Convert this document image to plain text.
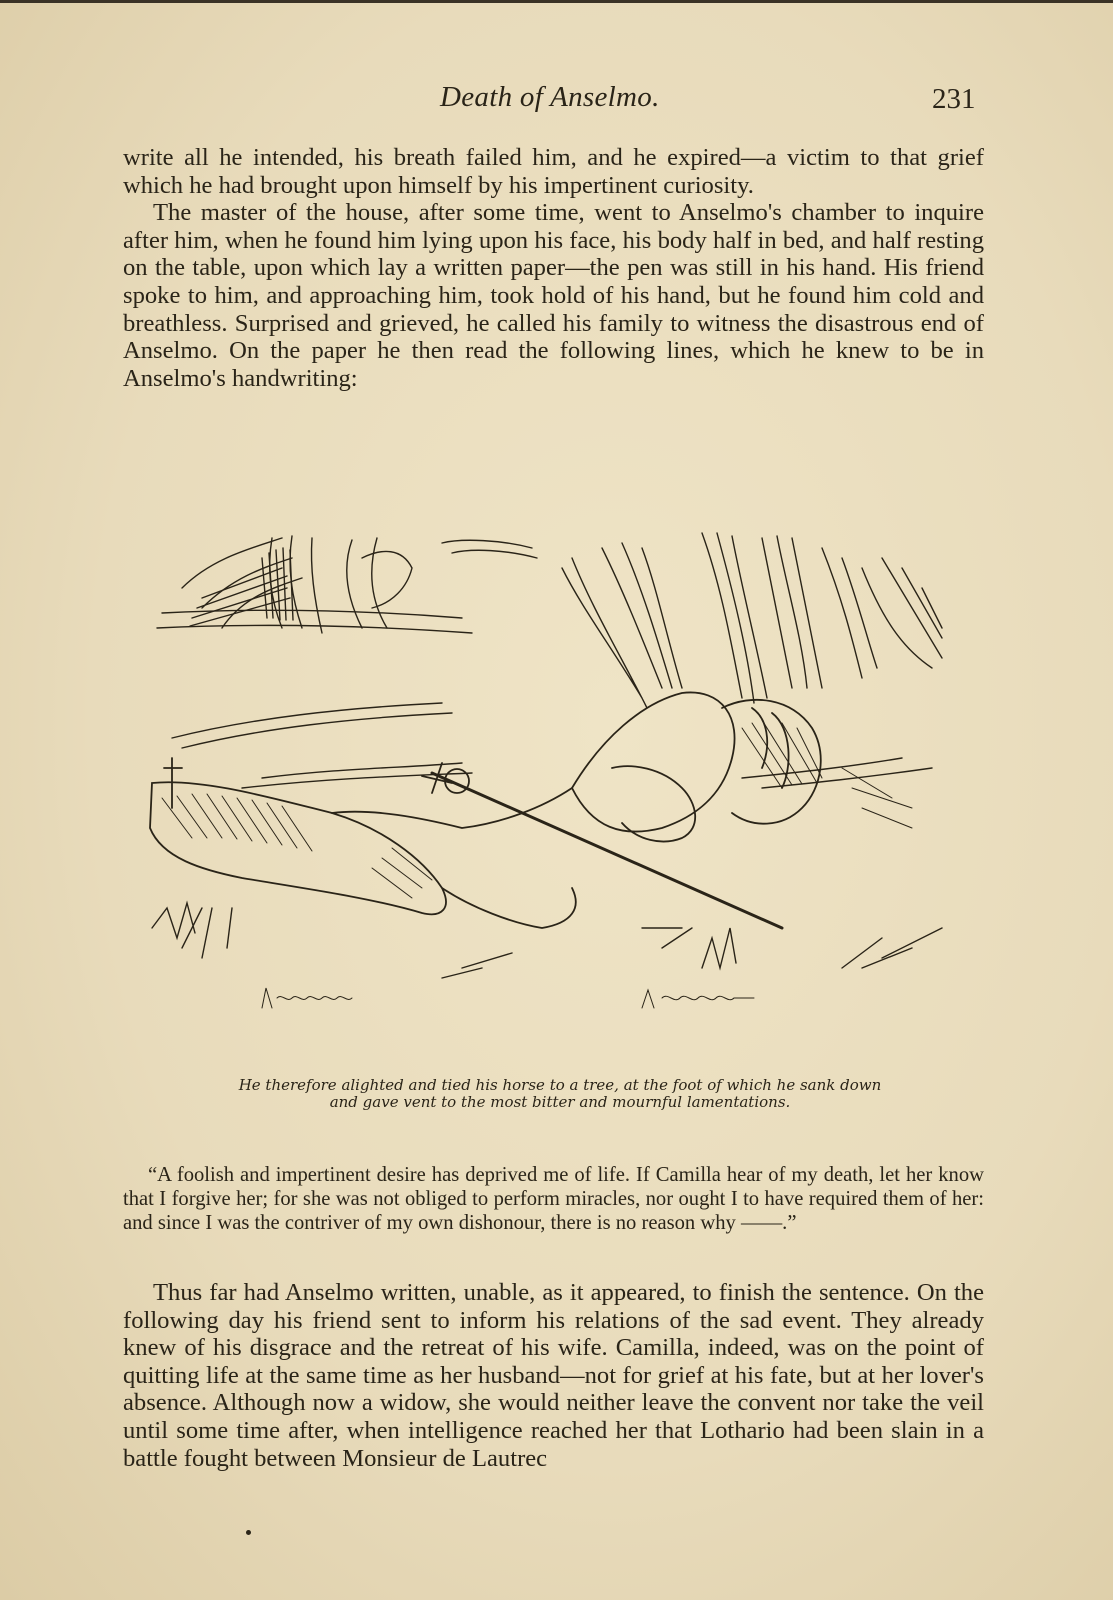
Death of Anselmo.	231

write all he intended, his breath failed him, and he expired—a victim to that grief which he had brought upon himself by his impertinent curiosity.

The master of the house, after some time, went to Anselmo's chamber to inquire after him, when he found him lying upon his face, his body half in bed, and half resting on the table, upon which lay a written paper—the pen was still in his hand. His friend spoke to him, and approaching him, took hold of his hand, but he found him cold and breathless. Surprised and grieved, he called his family to witness the disastrous end of Anselmo. On the paper he then read the following lines, which he knew to be in Anselmo's handwriting:

He therefore alighted and tied his horse to a tree, at the foot of which he sank down
and gave vent to the most bitter and mournful lamentations.

“A foolish and impertinent desire has deprived me of life. If Camilla hear of my death, let her know that I forgive her; for she was not obliged to perform miracles, nor ought I to have required them of her: and since I was the contriver of my own dishonour, there is no reason why ——.”

Thus far had Anselmo written, unable, as it appeared, to finish the sentence. On the following day his friend sent to inform his relations of the sad event. They already knew of his disgrace and the retreat of his wife. Camilla, indeed, was on the point of quitting life at the same time as her husband—not for grief at his fate, but at her lover's absence. Although now a widow, she would neither leave the convent nor take the veil until some time after, when intelligence reached her that Lothario had been slain in a battle fought between Monsieur de Lautrec
